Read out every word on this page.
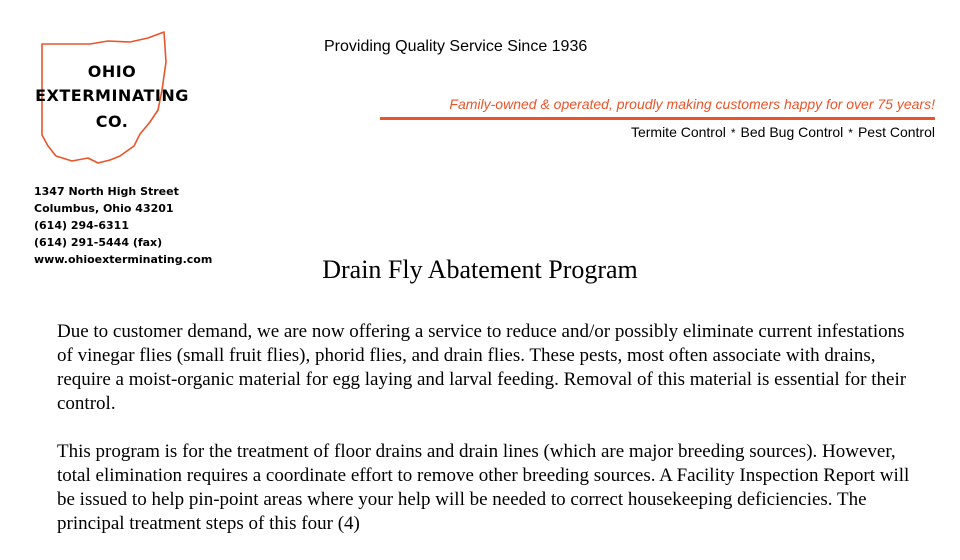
OHIO
EXTERMINATING
CO.
1347 North High Street
Columbus, Ohio 43201
(614) 294-6311
(614) 291-5444 (fax)
www.ohioexterminating.com
Providing Quality Service Since 1936
Family-owned & operated, proudly making customers happy for over 75 years!
Termite Control * Bed Bug Control * Pest Control
Drain Fly Abatement Program

Due to customer demand, we are now offering a service to reduce and/or possibly eliminate current infestations of vinegar flies (small fruit flies), phorid flies, and drain flies. These pests, most often associate with drains, require a moist-organic material for egg laying and larval feeding. Removal of this material is essential for their control.

This program is for the treatment of floor drains and drain lines (which are major breeding sources). However, total elimination requires a coordinate effort to remove other breeding sources. A Facility Inspection Report will be issued to help pin-point areas where your help will be needed to correct housekeeping deficiencies. The principal treatment steps of this four (4)
